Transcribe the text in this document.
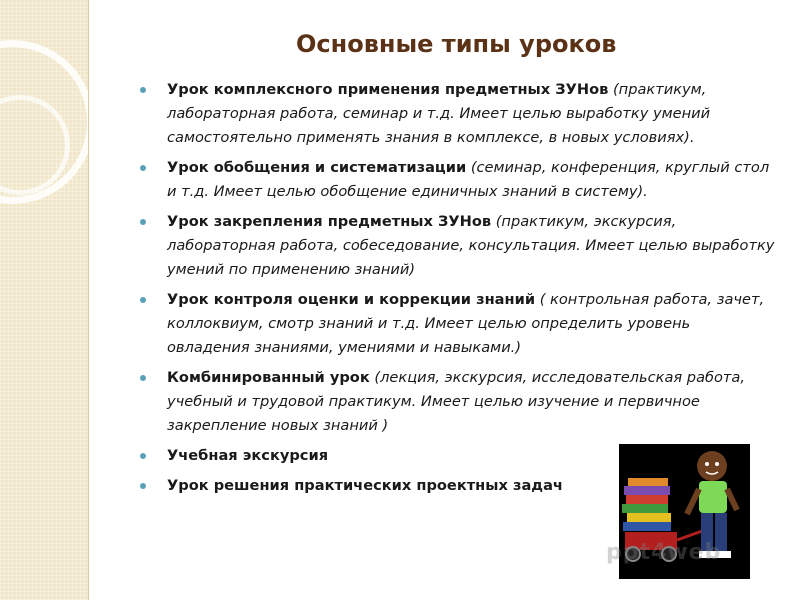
Основные типы уроков
Урок комплексного применения предметных ЗУНов (практикум, лабораторная работа, семинар и т.д. Имеет целью выработку умений самостоятельно применять знания в комплексе, в новых условиях).
Урок обобщения и систематизации (семинар, конференция, круглый стол и т.д. Имеет целью обобщение единичных знаний в систему).
Урок закрепления предметных ЗУНов (практикум, экскурсия, лабораторная работа, собеседование, консультация. Имеет целью выработку умений по применению знаний)
Урок контроля оценки и коррекции знаний ( контрольная работа, зачет, коллоквиум, смотр знаний и т.д. Имеет целью определить уровень овладения знаниями, умениями и навыками.)
Комбинированный урок (лекция, экскурсия, исследовательская работа, учебный и трудовой практикум. Имеет целью изучение и первичное закрепление новых знаний )
Учебная экскурсия
Урок решения практических проектных задач
ppt4web
